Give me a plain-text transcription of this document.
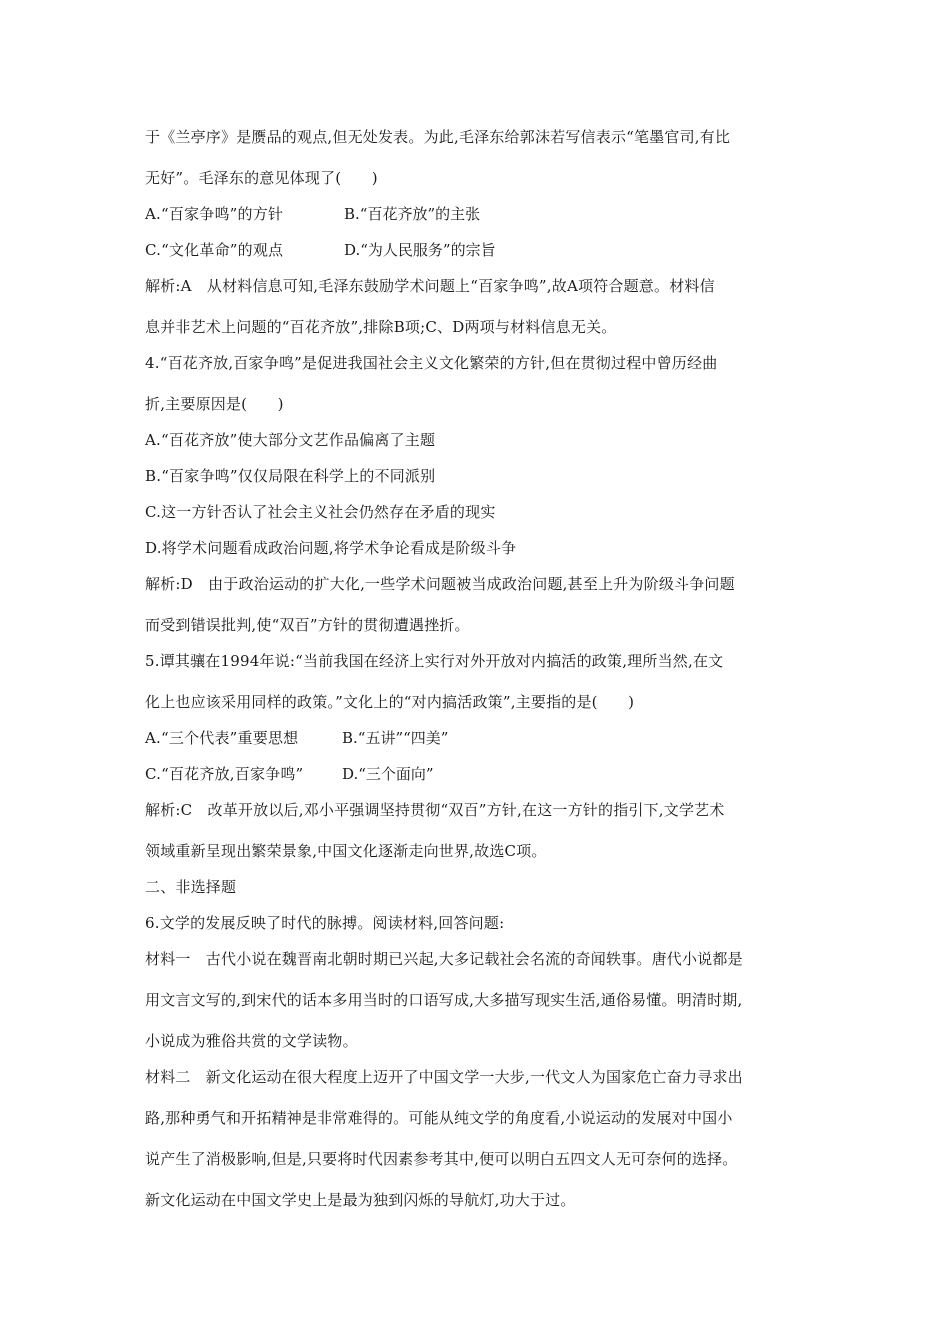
于《兰亭序》是赝品的观点,但无处发表。为此,毛泽东给郭沫若写信表示“笔墨官司,有比
无好”。毛泽东的意见体现了(　　)
A.“百家争鸣”的方针	B.“百花齐放”的主张
C.“文化革命”的观点	D.“为人民服务”的宗旨
解析:A　从材料信息可知,毛泽东鼓励学术问题上“百家争鸣”,故A项符合题意。材料信
息并非艺术上问题的“百花齐放”,排除B项;C、D两项与材料信息无关。
4.“百花齐放,百家争鸣”是促进我国社会主义文化繁荣的方针,但在贯彻过程中曾历经曲
折,主要原因是(　　)
A.“百花齐放”使大部分文艺作品偏离了主题
B.“百家争鸣”仅仅局限在科学上的不同派别
C.这一方针否认了社会主义社会仍然存在矛盾的现实
D.将学术问题看成政治问题,将学术争论看成是阶级斗争
解析:D　由于政治运动的扩大化,一些学术问题被当成政治问题,甚至上升为阶级斗争问题
而受到错误批判,使“双百”方针的贯彻遭遇挫折。
5.谭其骧在1994年说:“当前我国在经济上实行对外开放对内搞活的政策,理所当然,在文
化上也应该采用同样的政策。”文化上的“对内搞活政策”,主要指的是(　　)
A.“三个代表”重要思想	B.“五讲”“四美”
C.“百花齐放,百家争鸣”	D.“三个面向”
解析:C　改革开放以后,邓小平强调坚持贯彻“双百”方针,在这一方针的指引下,文学艺术
领域重新呈现出繁荣景象,中国文化逐渐走向世界,故选C项。
二、非选择题
6.文学的发展反映了时代的脉搏。阅读材料,回答问题:
材料一　古代小说在魏晋南北朝时期已兴起,大多记载社会名流的奇闻轶事。唐代小说都是
用文言文写的,到宋代的话本多用当时的口语写成,大多描写现实生活,通俗易懂。明清时期,
小说成为雅俗共赏的文学读物。
材料二　新文化运动在很大程度上迈开了中国文学一大步,一代文人为国家危亡奋力寻求出
路,那种勇气和开拓精神是非常难得的。可能从纯文学的角度看,小说运动的发展对中国小
说产生了消极影响,但是,只要将时代因素参考其中,便可以明白五四文人无可奈何的选择。
新文化运动在中国文学史上是最为独到闪烁的导航灯,功大于过。
